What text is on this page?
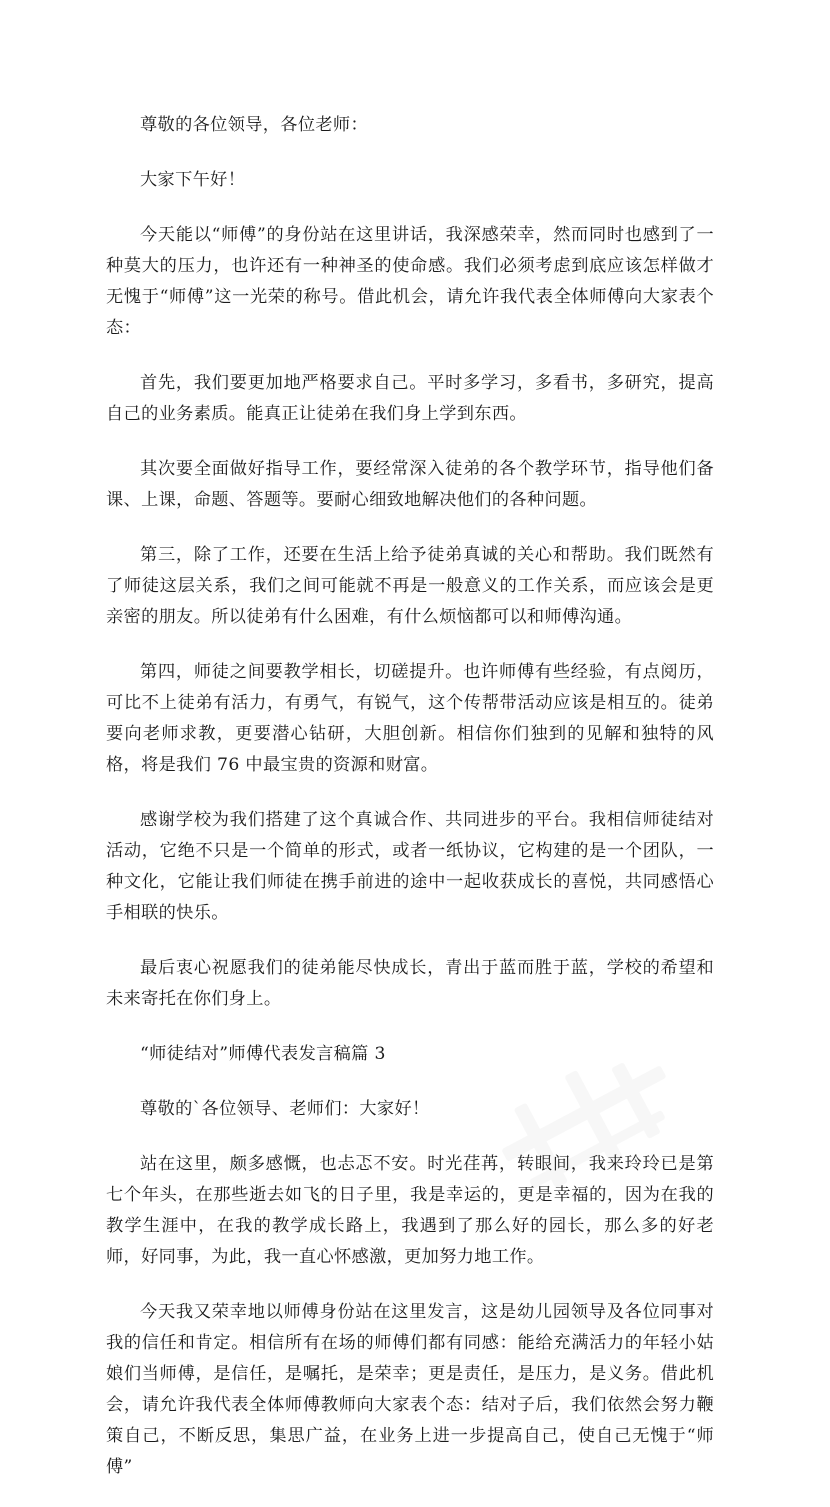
尊敬的各位领导，各位老师：

大家下午好！

今天能以“师傅”的身份站在这里讲话，我深感荣幸，然而同时也感到了一种莫大的压力，也许还有一种神圣的使命感。我们必须考虑到底应该怎样做才无愧于“师傅”这一光荣的称号。借此机会，请允许我代表全体师傅向大家表个态：

首先，我们要更加地严格要求自己。平时多学习，多看书，多研究，提高自己的业务素质。能真正让徒弟在我们身上学到东西。

其次要全面做好指导工作，要经常深入徒弟的各个教学环节，指导他们备课、上课，命题、答题等。要耐心细致地解决他们的各种问题。

第三，除了工作，还要在生活上给予徒弟真诚的关心和帮助。我们既然有了师徒这层关系，我们之间可能就不再是一般意义的工作关系，而应该会是更亲密的朋友。所以徒弟有什么困难，有什么烦恼都可以和师傅沟通。

第四，师徒之间要教学相长，切磋提升。也许师傅有些经验，有点阅历，可比不上徒弟有活力，有勇气，有锐气，这个传帮带活动应该是相互的。徒弟要向老师求教，更要潜心钻研，大胆创新。相信你们独到的见解和独特的风格，将是我们 76 中最宝贵的资源和财富。

感谢学校为我们搭建了这个真诚合作、共同进步的平台。我相信师徒结对活动，它绝不只是一个简单的形式，或者一纸协议，它构建的是一个团队，一种文化，它能让我们师徒在携手前进的途中一起收获成长的喜悦，共同感悟心手相联的快乐。

最后衷心祝愿我们的徒弟能尽快成长，青出于蓝而胜于蓝，学校的希望和未来寄托在你们身上。

“师徒结对”师傅代表发言稿篇 3

尊敬的`各位领导、老师们：大家好！

站在这里，颇多感慨，也忐忑不安。时光荏苒，转眼间，我来玲玲已是第七个年头，在那些逝去如飞的日子里，我是幸运的，更是幸福的，因为在我的教学生涯中，在我的教学成长路上，我遇到了那么好的园长，那么多的好老师，好同事，为此，我一直心怀感激，更加努力地工作。

今天我又荣幸地以师傅身份站在这里发言，这是幼儿园领导及各位同事对我的信任和肯定。相信所有在场的师傅们都有同感：能给充满活力的年轻小姑娘们当师傅，是信任，是嘱托，是荣幸；更是责任，是压力，是义务。借此机会，请允许我代表全体师傅教师向大家表个态：结对子后，我们依然会努力鞭策自己，不断反思，集思广益，在业务上进一步提高自己，使自己无愧于“师傅”
